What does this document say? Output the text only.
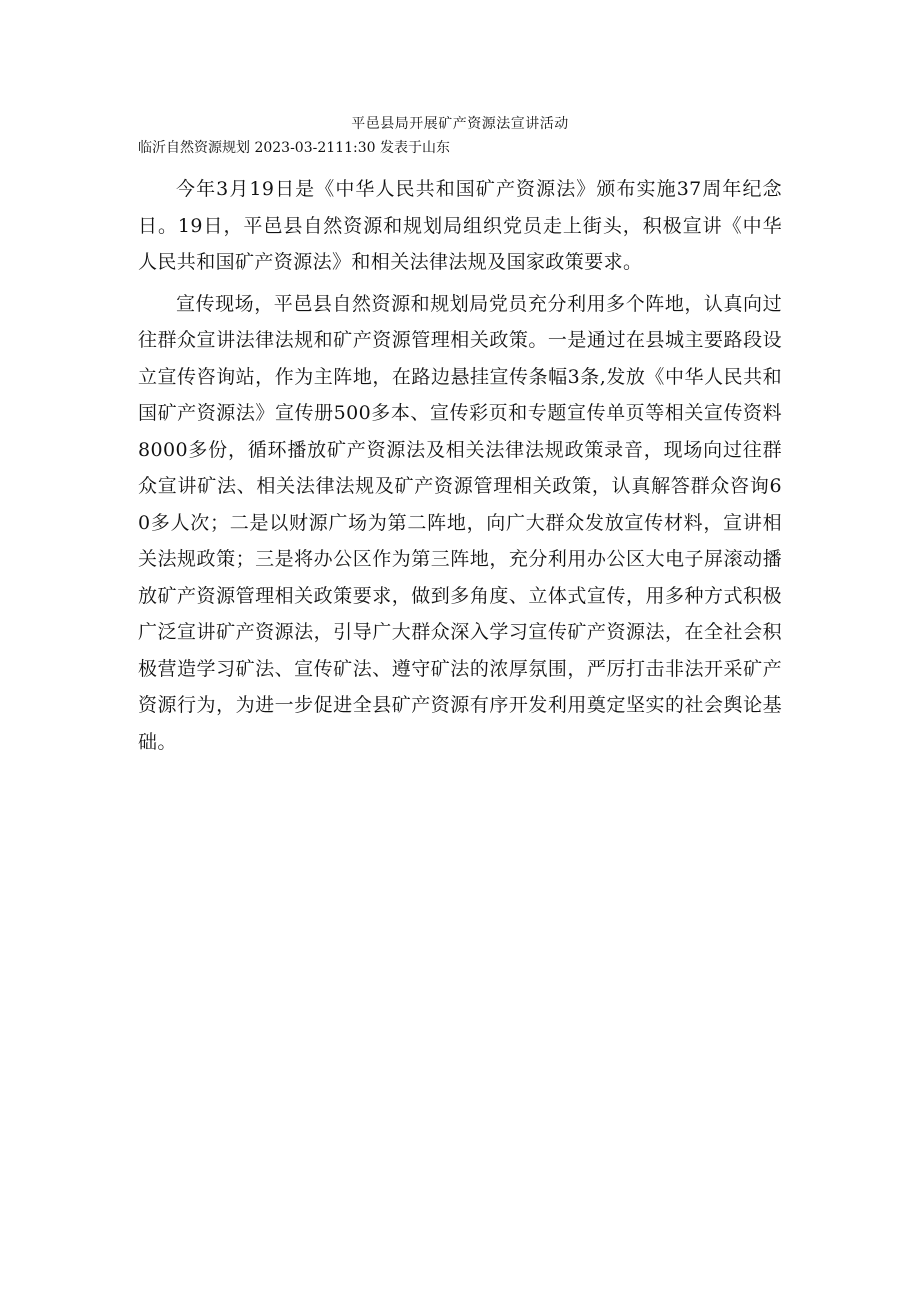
平邑县局开展矿产资源法宣讲活动
临沂自然资源规划 2023-03-2111:30 发表于山东

今年3月19日是《中华人民共和国矿产资源法》颁布实施37周年纪念日。19日，平邑县自然资源和规划局组织党员走上街头，积极宣讲《中华人民共和国矿产资源法》和相关法律法规及国家政策要求。

宣传现场，平邑县自然资源和规划局党员充分利用多个阵地，认真向过往群众宣讲法律法规和矿产资源管理相关政策。一是通过在县城主要路段设立宣传咨询站，作为主阵地，在路边悬挂宣传条幅3条,发放《中华人民共和国矿产资源法》宣传册500多本、宣传彩页和专题宣传单页等相关宣传资料8000多份，循环播放矿产资源法及相关法律法规政策录音，现场向过往群众宣讲矿法、相关法律法规及矿产资源管理相关政策，认真解答群众咨询60多人次；二是以财源广场为第二阵地，向广大群众发放宣传材料，宣讲相关法规政策；三是将办公区作为第三阵地，充分利用办公区大电子屏滚动播放矿产资源管理相关政策要求，做到多角度、立体式宣传，用多种方式积极广泛宣讲矿产资源法，引导广大群众深入学习宣传矿产资源法，在全社会积极营造学习矿法、宣传矿法、遵守矿法的浓厚氛围，严厉打击非法开采矿产资源行为，为进一步促进全县矿产资源有序开发利用奠定坚实的社会舆论基础。
